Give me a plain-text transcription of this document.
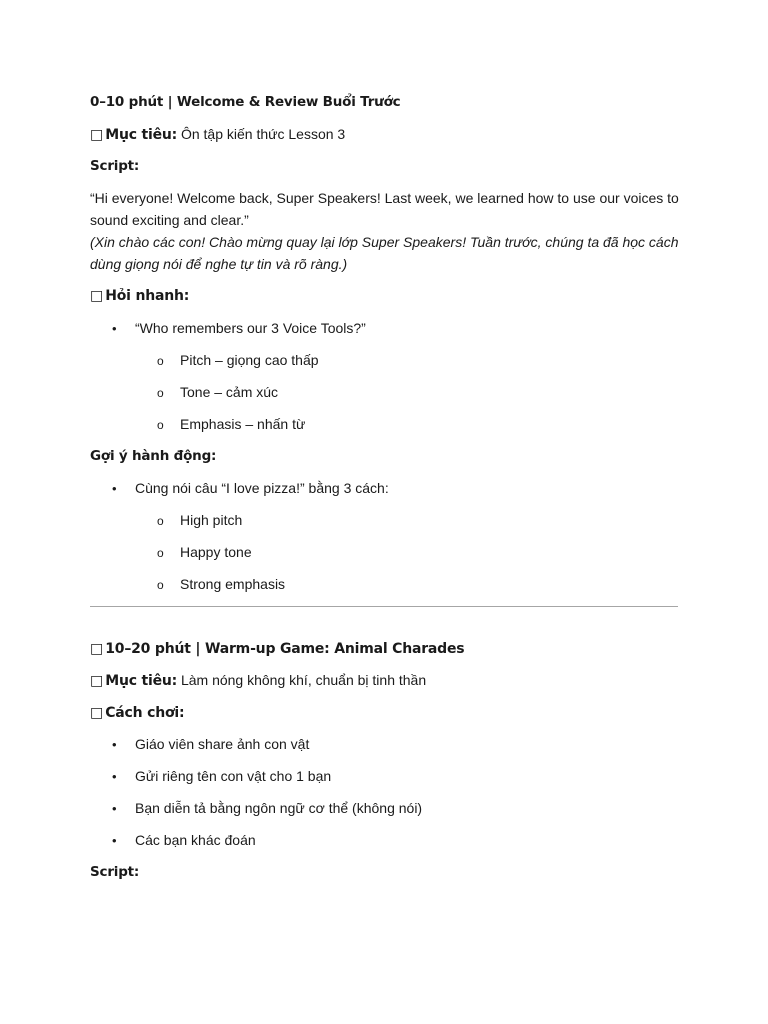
0–10 phút | Welcome & Review Buổi Trước
□ Mục tiêu: Ôn tập kiến thức Lesson 3
Script:
“Hi everyone! Welcome back, Super Speakers! Last week, we learned how to use our voices to sound exciting and clear.”
(Xin chào các con! Chào mừng quay lại lớp Super Speakers! Tuần trước, chúng ta đã học cách dùng giọng nói để nghe tự tin và rõ ràng.)
□ Hỏi nhanh:
• “Who remembers our 3 Voice Tools?”
o Pitch – giọng cao thấp
o Tone – cảm xúc
o Emphasis – nhấn từ
Gợi ý hành động:
• Cùng nói câu “I love pizza!” bằng 3 cách:
o High pitch
o Happy tone
o Strong emphasis
□ 10–20 phút | Warm-up Game: Animal Charades
□ Mục tiêu: Làm nóng không khí, chuẩn bị tinh thần
□ Cách chơi:
• Giáo viên share ảnh con vật
• Gửi riêng tên con vật cho 1 bạn
• Bạn diễn tả bằng ngôn ngữ cơ thể (không nói)
• Các bạn khác đoán
Script:
